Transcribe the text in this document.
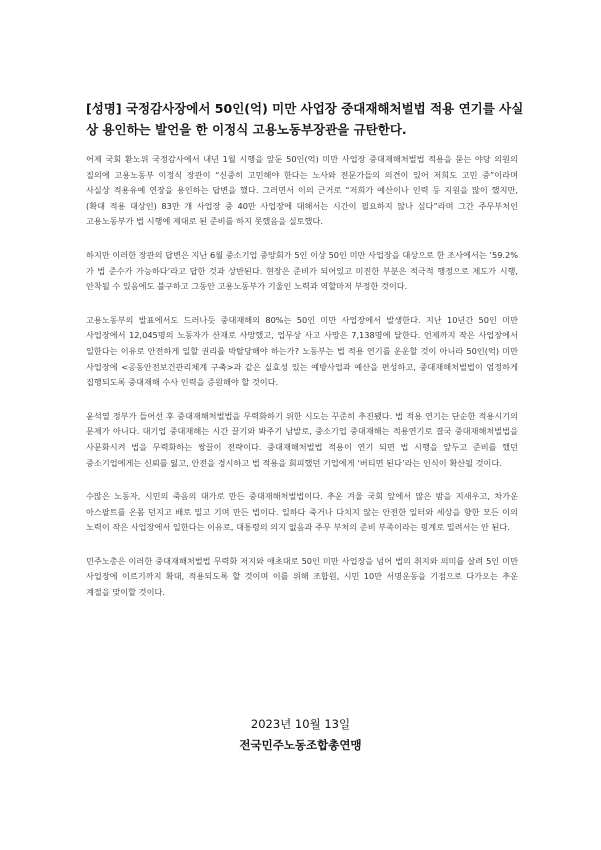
[성명] 국정감사장에서 50인(억) 미만 사업장 중대재해처벌법 적용 연기를 사실상 용인하는 발언을 한 이정식 고용노동부장관을 규탄한다.

어제 국회 환노위 국정감사에서 내년 1월 시행을 앞둔 50인(억) 미만 사업장 중대재해처벌법 적용을 묻는 야당 의원의 질의에 고용노동부 이정식 장관이 “신중히 고민해야 한다는 노사와 전문가들의 의견이 있어 저희도 고민 중”이라며 사실상 적용유예 연장을 용인하는 답변을 했다. 그러면서 이의 근거로 “저희가 예산이나 인력 등 지원을 많이 했지만, (확대 적용 대상인) 83만 개 사업장 중 40만 사업장에 대해서는 시간이 필요하지 않나 싶다”라며 그간 주무부처인 고용노동부가 법 시행에 제대로 된 준비를 하지 못했음을 실토했다.

하지만 이러한 장관의 답변은 지난 6월 중소기업 중앙회가 5인 이상 50인 미만 사업장을 대상으로 한 조사에서는 ‘59.2%가 법 준수가 가능하다’라고 답한 것과 상반된다. 현장은 준비가 되어있고 미진한 부분은 적극적 행정으로 제도가 시행, 안착될 수 있음에도 불구하고 그동안 고용노동부가 기울인 노력과 역할마저 부정한 것이다.

고용노동부의 발표에서도 드러나듯 중대재해의 80%는 50인 미만 사업장에서 발생한다. 지난 10년간 50인 미만 사업장에서 12,045명의 노동자가 산재로 사망했고, 업무상 사고 사망은 7,138명에 달한다. 언제까지 작은 사업장에서 일한다는 이유로 안전하게 일할 권리를 박탈당해야 하는가? 노동부는 법 적용 연기를 운운할 것이 아니라 50인(억) 미만 사업장에 <공동안전보건관리체계 구축>과 같은 실효성 있는 예방사업과 예산을 편성하고, 중대재해처벌법이 엄정하게 집행되도록 중대재해 수사 인력을 증원해야 할 것이다.

윤석열 정부가 들어선 후 중대재해처벌법을 무력화하기 위한 시도는 꾸준히 추진됐다. 법 적용 연기는 단순한 적용시기의 문제가 아니다. 대기업 중대재해는 시간 끌기와 봐주기 남발로, 중소기업 중대재해는 적용연기로 결국 중대재해처벌법을 사문화시켜 법을 무력화하는 쌍끌이 전략이다. 중대재해처벌법 적용이 연기 되면 법 시행을 앞두고 준비를 했던 중소기업에게는 신뢰를 잃고, 안전을 경시하고 법 적용을 회피했던 기업에게 ‘버티면 된다’라는 인식이 확산될 것이다.

수많은 노동자, 시민의 죽음의 대가로 만든 중대재해처벌법이다. 추운 겨울 국회 앞에서 많은 밤을 지새우고, 차가운 아스팔트를 온몸 던지고 배로 밀고 기며 만든 법이다. 일하다 죽거나 다치지 않는 안전한 일터와 세상을 향한 모든 이의 노력이 작은 사업장에서 일한다는 이유로, 대통령의 의지 없음과 주무 부처의 준비 부족이라는 핑계로 밀려서는 안 된다.

민주노총은 이러한 중대재해처벌법 무력화 저지와 애초대로 50인 미만 사업장을 넘어 법의 취지와 의미를 살려 5인 미만 사업장에 이르기까지 확대, 적용되도록 할 것이며 이를 위해 조합원, 시민 10만 서명운동을 기점으로 다가오는 추운 계절을 맞이할 것이다.

2023년 10월 13일
전국민주노동조합총연맹
